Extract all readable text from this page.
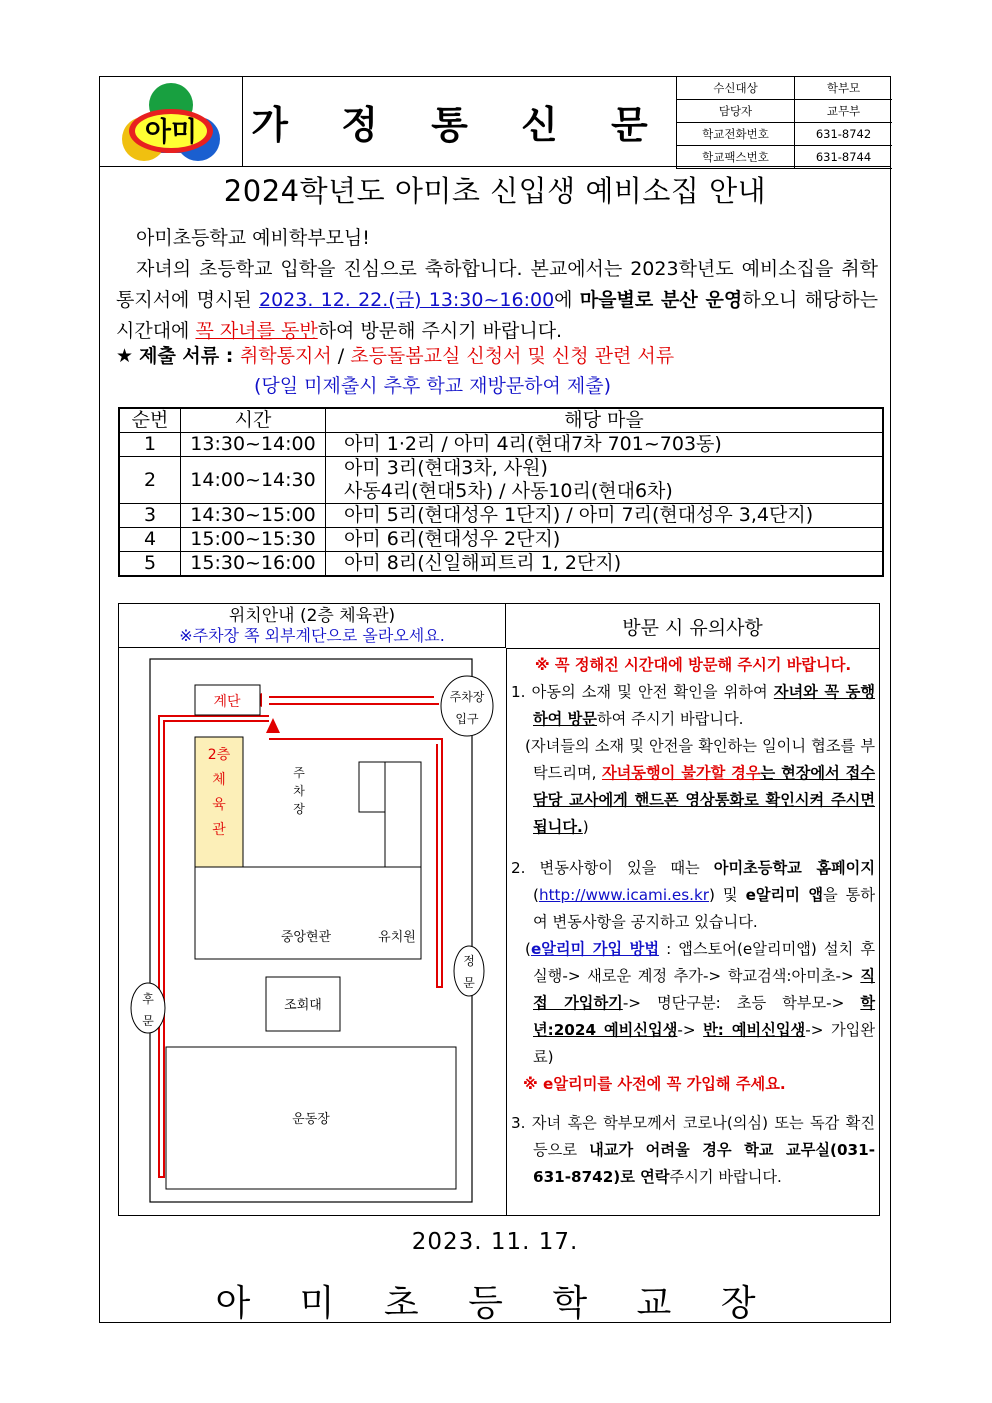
아미 가 정 통 신 문
수신대상	학부모
담당자	교무부
학교전화번호	631-8742
학교팩스번호	631-8744
2024학년도 아미초 신입생 예비소집 안내
아미초등학교 예비학부모님!
자녀의 초등학교 입학을 진심으로 축하합니다. 본교에서는 2023학년도 예비소집을 취학통지서에 명시된 2023. 12. 22.(금) 13:30~16:00에 마을별로 분산 운영하오니 해당하는 시간대에 꼭 자녀를 동반하여 방문해 주시기 바랍니다.
★ 제출 서류 : 취학통지서 / 초등돌봄교실 신청서 및 신청 관련 서류
(당일 미제출시 추후 학교 재방문하여 제출)
순번	시간	해당 마을
1	13:30~14:00	아미 1·2리 / 아미 4리(현대7차 701~703동)
2	14:00~14:30	아미 3리(현대3차, 사원)
사동4리(현대5차) / 사동10리(현대6차)

3	14:30~15:00	아미 5리(현대성우 1단지) / 아미 7리(현대성우 3,4단지)
4	15:00~15:30	아미 6리(현대성우 2단지)
5	15:30~16:00	아미 8리(신일해피트리 1, 2단지)
위치안내 (2층 체육관)
※주차장 쪽 외부계단으로 올라오세요.	방문 시 유의사항
계단
2층
체
육
관
주
차
장
중앙현관	유치원
조회대
운동장
주차장
입구
정
문
후
문

※ 꼭 정해진 시간대에 방문해 주시기 바랍니다.

1. 아동의 소재 및 안전 확인을 위하여 자녀와 꼭 동행하여 방문하여 주시기 바랍니다.

(자녀들의 소재 및 안전을 확인하는 일이니 협조를 부탁드리며, 자녀동행이 불가할 경우는 현장에서 접수 담당 교사에게 핸드폰 영상통화로 확인시켜 주시면 됩니다.)

2. 변동사항이 있을 때는 아미초등학교 홈페이지 (http://www.icami.es.kr) 및 e알리미 앱을 통하여 변동사항을 공지하고 있습니다.

(e알리미 가입 방법 : 앱스토어(e알리미앱) 설치 후 실행-> 새로운 계정 추가-> 학교검색:아미초-> 직접 가입하기-> 명단구분: 초등 학부모-> 학년:2024 예비신입생-> 반: 예비신입생-> 가입완료)

※ e알리미를 사전에 꼭 가입해 주세요.

3. 자녀 혹은 학부모께서 코로나(의심) 또는 독감 확진 등으로 내교가 어려울 경우 학교 교무실(031-631-8742)로 연락주시기 바랍니다.

2023. 11. 17.
아 미 초 등 학 교 장
